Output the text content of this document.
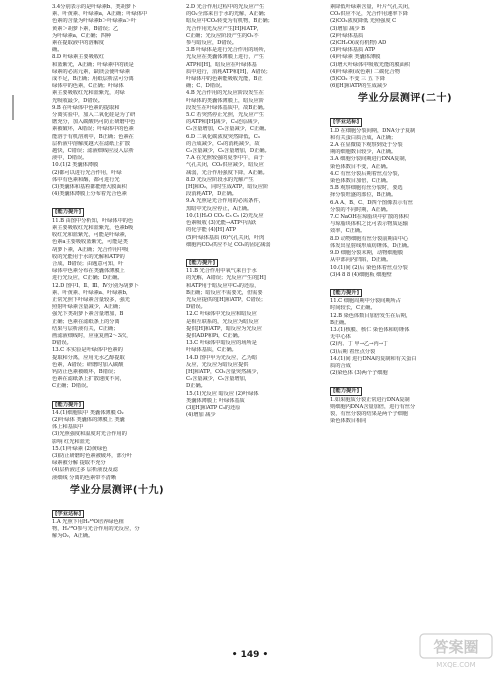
3.4分别表示的是叶绿素b、类胡萝卜
素、叶黄素、叶绿素a，A正确；叶绿体中
色素的含量为叶绿素b＞叶绿素a＞叶
黄素＞胡萝卜素，B错误；乙
为叶绿素a，C正确；四种
素在提取液中的溶解度
确。
8.D 叶绿素主要吸收红
和蓝紫光，A正确；叶绿素中的镁是
绿素的必需元素，缺镁会使叶绿素
成不足，B正确；用纸层析法可分离
绿体中的色素，C正确；叶绿体
素主要吸收红光和蓝紫光，对绿
光吸收最少，D错误。
9.B 在叶绿体中色素的提取和
分离实验中，加入二氧化硅是为了研
磨充分，加入碳酸钙可防止研磨中色
素被破坏，A错误；叶绿体中的色素
能溶于有机溶剂中，B正确；色素在
层析液中溶解度越大在滤纸上扩散
越快，C错误；滤液细线应浸入层析
液中，D错误。
10.(1)2 类囊体薄膜
(2)都可以进行光合作用，叶绿
体中有色素和酶，都可进行光
(3)类囊体和基粒都能增大膜面积
(4)类囊体薄膜上分布着光合色素
[能力提升]
11.B 由图中分析知，叶绿体中的色
素主要吸收红光和蓝紫光，色素b吸
收红光和蓝紫光，可能是叶绿素，
色素a主要吸收蓝紫光，可能是类
胡萝卜素，A正确；光合作用中吸
收的光能用于水的光解和ATP的
合成，B错误；由题意可知，叶
绿体中色素分布在类囊体薄膜上
进行光反应，C正确；D正确。
12.D 图中Ⅰ、Ⅱ、Ⅲ、Ⅳ分别为胡萝卜
素、叶黄素、叶绿素a、叶绿素b，
正常光照下叶绿素含量较多，强光
照射叶绿素含量减少，A正确；
强光下类胡萝卜素含量增加，B
正确；色素在滤纸条上的分离
结果与层析液有关，C正确；
画滤液细线时，应重复画2～3次，
D错误。
13.C 本实验是叶绿体中色素的
提取和分离，应用无水乙醇提取
色素，A错误；研磨时加入碳酸
钙防止色素被破坏，B错误；
色素在滤纸条上扩散速度不同，
C正确；D错误。
[能力提升]
14.(1)细胞质中 类囊体薄膜 O₂
(2)叶绿体 类囊体的薄膜上 类囊
体上和基质中
(3)光照强度和温度对光合作用的
影响 红光和蓝光
15.(1)叶绿素 (2)黄绿色
(3)防止研磨时色素被破坏，部分叶
绿素被分解 提取不充分
(4)层析液过多 层析液没及滤
液细线 分离的色素带不清晰
学业分层测评(十九)
[学业达标]
1.A 光照下用H₂¹⁸O培养绿色植
物，H₂¹⁸O参与光合作用的光反应，分
解为O₂，A正确。
2.D 光合作用过程中的光反应产生
的O₂全部来自于水的光解，A正确；
暗反应中CO₂转变为有机物，B正确；
光合作用光反应产生[H]和ATP，
C正确；光反应阶段产生的O₂不
参与暗反应，D错误。
3.B 叶绿体是进行光合作用的场所，
光反应在类囊体薄膜上进行，产生
ATP和[H]，暗反应在叶绿体基
质中进行，消耗ATP和[H]，A错误；
叶绿体中的色素能吸收光能，B正
确；C、D错误。
4.B 光合作用的光反应阶段发生在
叶绿体的类囊体薄膜上，暗反应阶
段发生在叶绿体基质中，故B正确。
5.C 若突然停止光照，光反应产生
的ATP和[H]减少，C₃还原减少，
C₃含量增加，C₅含量减少，C正确。
6.D 二氧化碳浓度突然降低，C₃
的合成减少，C₅的消耗减少，故
C₃含量减少，C₅含量增加，D正确。
7.A 在光照较强的夏季中午，由于
气孔关闭，CO₂供应减少，暗反应
减弱，光合作用强度下降，A正确。
8.D 光反应阶段水的光解产生
[H]和O₂，同时生成ATP，暗反应阶
段消耗ATP，D正确。
9.A 光照是光合作用的必需条件，
黑暗中光反应停止，A正确。
10.(1)H₂O CO₂ C₃ C₅ (2)光反应
色素吸收 (3)光能→ATP中活跃
的化学能 (4)[H] ATP
(5)叶绿体基质 (6)气孔关闭，叶肉
细胞内CO₂供应不足 CO₂的固定减弱
[能力提升]
11.B 光合作用中氧气来自于水
的光解，A错误；光反应产生的[H]
和ATP用于暗反应中C₃的还原，
B正确；暗反应不需要光，但需要
光反应提供的[H]和ATP，C错误；
D错误。
12.C 叶绿体中光反应和暗反应
是相互联系的，光反应为暗反应
提供[H]和ATP，暗反应为光反应
提供ADP和Pi，C正确。
13.C 叶绿体中暗反应的场所是
叶绿体基质，C正确。
14.D 图中甲为光反应，乙为暗
反应，光反应为暗反应提供
[H]和ATP，CO₂含量突然减少，
C₃含量减少，C₅含量增加，
D正确。
15.(1)光反应 暗反应 (2)叶绿体
类囊体薄膜上 叶绿体基质
(3)[H]和ATP C₃的还原
(4)增加 减少
素降低叶绿素含量，叶片气孔关闭，
CO₂供应不足，光合作用速率下降
(2)CO₂浓度降低 光照强度 C
(3)增加 减少 B
(2)叶绿体基质
(2)CH₂O(或有机物) AD
(3)叶绿体基质 ATP
(4)叶绿素 类囊体薄膜
(3)增大叶绿体中吸收光能的膜面积
(4)叶绿素(或色素) 二碳化合物
(5)CO₂ 不变 三 五 下降
(6)[H]和ATP的生成减少
学业分层测评(二十)
[学业达标]
1.D 在细胞分裂间期，DNA分子复制
和有关蛋白质合成，A正确；
2.A 在显微镜下观察到处于分裂
期的细胞数目较少，A正确。
3.A 细胞分裂间期进行DNA复制，
染色体数目不变，A正确。
4.C 有丝分裂后期着丝点分裂，
染色体数目加倍，C正确。
5.B 观察细胞有丝分裂时，要选
择分裂旺盛的部位，B正确。
6.A A、B、C、D四个图像表示有丝
分裂的不同时期，A正确。
7.C NaOH在琼脂块中扩散的体积
与琼脂块体积之比可表示物质运输
效率，C正确。
8.D 动物细胞有丝分裂前期由中心
体发出星射线形成纺锤体，D正确。
9.D 细胞分裂末期，动物细胞膜
从中部向内凹陷，D正确。
10.(1)间 (2)后 染色体着丝点分裂
(3)4 8 8 (4)细胞板 细胞壁
[能力提升]
11.C 细胞周期中分裂间期所占
时间较长，C正确。
12.B 染色体数目加倍发生在后期，
B正确。
13.(1)核膜、核仁 染色体和纺锤体
无中心体
(2)丙、丁 甲→乙→丙→丁
(3)后期 着丝点分裂
14.(1)间 进行DNA的复制和有关蛋白
质的合成
(2)染色体 (3)两个子细胞
[能力提升]
1.如果胞质分裂正常进行DNA复制
则细胞内DNA含量加倍，进行有丝分
裂，有丝分裂的结果是两个子细胞
染色体数目相同
• 149 •	答案圈
MXQE.COM
